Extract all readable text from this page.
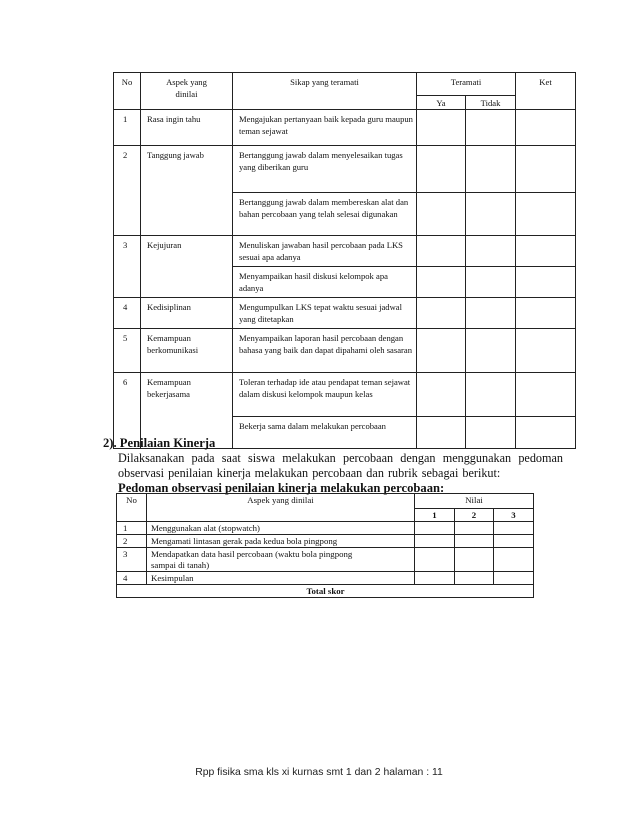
No	Aspek yang dinilai	Sikap yang teramati	Teramati		Ket
			Ya	Tidak	
1	Rasa ingin tahu	Mengajukan pertanyaan baik kepada guru maupun teman sejawat			
2	Tanggung jawab	Bertanggung jawab dalam menyelesaikan tugas yang diberikan guru			
		Bertanggung jawab dalam membereskan alat dan bahan percobaan yang telah selesai digunakan			
3	Kejujuran	Menuliskan jawaban hasil percobaan pada LKS sesuai apa adanya			
		Menyampaikan hasil diskusi kelompok apa adanya			
4	Kedisiplinan	Mengumpulkan LKS tepat waktu sesuai jadwal yang ditetapkan			
5	Kemampuan berkomunikasi	Menyampaikan laporan hasil percobaan dengan bahasa yang baik dan dapat dipahami oleh sasaran			
6	Kemampuan bekerjasama	Toleran terhadap ide atau pendapat teman sejawat dalam diskusi kelompok maupun kelas			
		Bekerja sama dalam melakukan percobaan			
2). Penilaian Kinerja
Dilaksanakan pada saat siswa melakukan percobaan dengan menggunakan pedoman
observasi penilaian kinerja melakukan percobaan dan rubrik sebagai berikut:
Pedoman observasi penilaian kinerja melakukan percobaan:
No	Aspek yang dinilai	Nilai		
		1	2	3
1	Menggunakan alat (stopwatch)			
2	Mengamati lintasan gerak pada kedua bola pingpong			
3	Mendapatkan data hasil percobaan (waktu bola pingpong sampai di tanah)			
4	Kesimpulan			
Total skor				
Rpp fisika sma kls xi kurnas smt 1 dan 2 halaman : 11
